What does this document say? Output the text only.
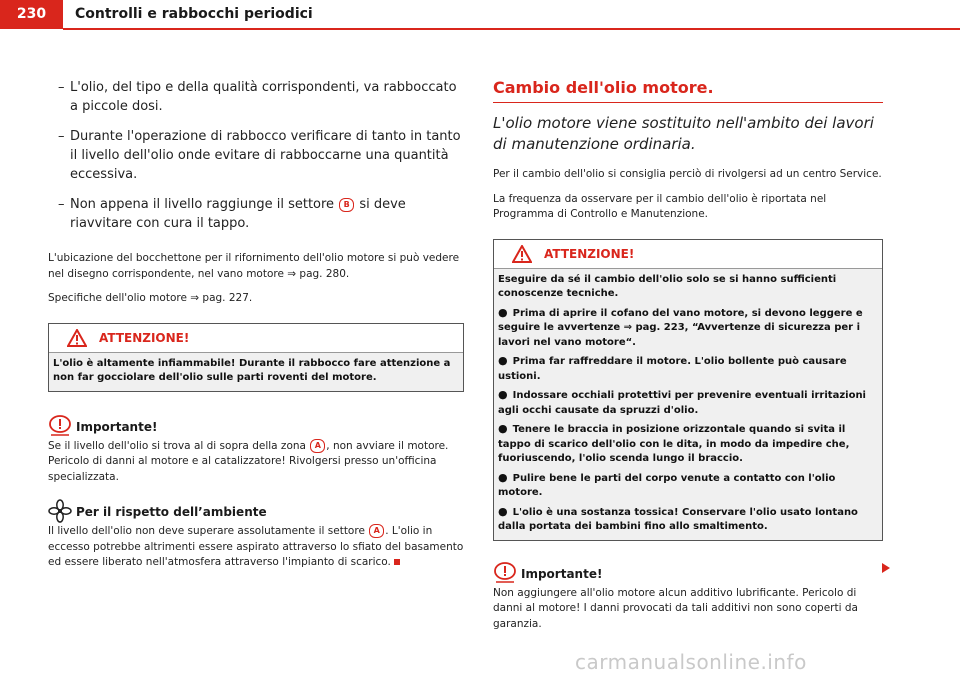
230	Controlli e rabbocchi periodici
– L'olio, del tipo e della qualità corrispondenti, va rabboccato a piccole dosi.
– Durante l'operazione di rabbocco verificare di tanto in tanto il livello dell'olio onde evitare di rabboccarne una quantità eccessiva.
– Non appena il livello raggiunge il settore B si deve riavvitare con cura il tappo.

L'ubicazione del bocchettone per il rifornimento dell'olio motore si può vedere nel disegno corrispondente, nel vano motore ⇒ pag. 280.

Specifiche dell'olio motore ⇒ pag. 227.

ATTENZIONE!
L'olio è altamente infiammabile! Durante il rabbocco fare attenzione a non far gocciolare dell'olio sulle parti roventi del motore.
Importante!

Se il livello dell'olio si trova al di sopra della zona A , non avviare il motore. Pericolo di danni al motore e al catalizzatore! Rivolgersi presso un'officina specializzata.

Per il rispetto dell’ambiente

Il livello dell'olio non deve superare assolutamente il settore A . L'olio in eccesso potrebbe altrimenti essere aspirato attraverso lo sfiato del basamento ed essere liberato nell'atmosfera attraverso l'impianto di scarico.

Cambio dell'olio motore.

L'olio motore viene sostituito nell'ambito dei lavori di manutenzione ordinaria.

Per il cambio dell'olio si consiglia perciò di rivolgersi ad un centro Service.

La frequenza da osservare per il cambio dell'olio è riportata nel Programma di Controllo e Manutenzione.

ATTENZIONE!
Eseguire da sé il cambio dell'olio solo se si hanno sufficienti conoscenze tecniche.
● Prima di aprire il cofano del vano motore, si devono leggere e seguire le avvertenze ⇒ pag. 223, “Avvertenze di sicurezza per i lavori nel vano motore“.
● Prima far raffreddare il motore. L'olio bollente può causare ustioni.
● Indossare occhiali protettivi per prevenire eventuali irritazioni agli occhi causate da spruzzi d'olio.
● Tenere le braccia in posizione orizzontale quando si svita il tappo di scarico dell'olio con le dita, in modo da impedire che, fuoriuscendo, l'olio scenda lungo il braccio.
● Pulire bene le parti del corpo venute a contatto con l'olio motore.
● L'olio è una sostanza tossica! Conservare l'olio usato lontano dalla portata dei bambini fino allo smaltimento.
Importante!

Non aggiungere all'olio motore alcun additivo lubrificante. Pericolo di danni al motore! I danni provocati da tali additivi non sono coperti da garanzia.

carmanualsonline.info
